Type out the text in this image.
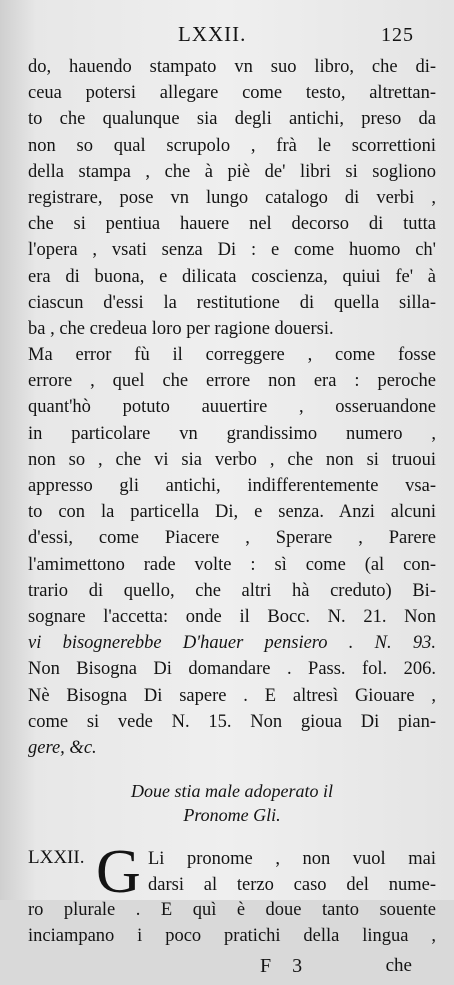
LXXII.	125
do, hauendo stampato vn suo libro, che di-
ceua potersi allegare come testo, altrettan-
to che qualunque sia degli antichi, preso da
non so qual scrupolo , frà le scorrettioni
della stampa , che à piè de' libri si sogliono
registrare, pose vn lungo catalogo di verbi ,
che si pentiua hauere nel decorso di tutta
l'opera , vsati senza Di : e come huomo ch'
era di buona, e dilicata coscienza, quiui fe' à
ciascun d'essi la restitutione di quella silla-
ba , che credeua loro per ragione douersi.
Ma error fù il correggere , come fosse
errore , quel che errore non era : peroche
quant'hò potuto auuertire , osseruandone
in particolare vn grandissimo numero ,
non so , che vi sia verbo , che non si truoui
appresso gli antichi, indifferentemente vsa-
to con la particella Di, e senza. Anzi alcuni
d'essi, come Piacere , Sperare , Parere
l'amimettono rade volte : sì come (al con-
trario di quello, che altri hà creduto) Bi-
sognare l'accetta: onde il Bocc. N. 21. Non
vi bisognerebbe D'hauer pensiero . N. 93.
Non Bisogna Di domandare . Pass. fol. 206.
Nè Bisogna Di sapere . E altresì Giouare ,
come si vede N. 15. Non gioua Di pian-
gere, &c.
Doue stia male adoperato il
Pronome Gli.
LXXII. G Li pronome , non vuol mai
darsi al terzo caso del nume-
ro plurale . E quì è doue tanto souente
inciampano i poco pratichi della lingua ,
F 3	che
